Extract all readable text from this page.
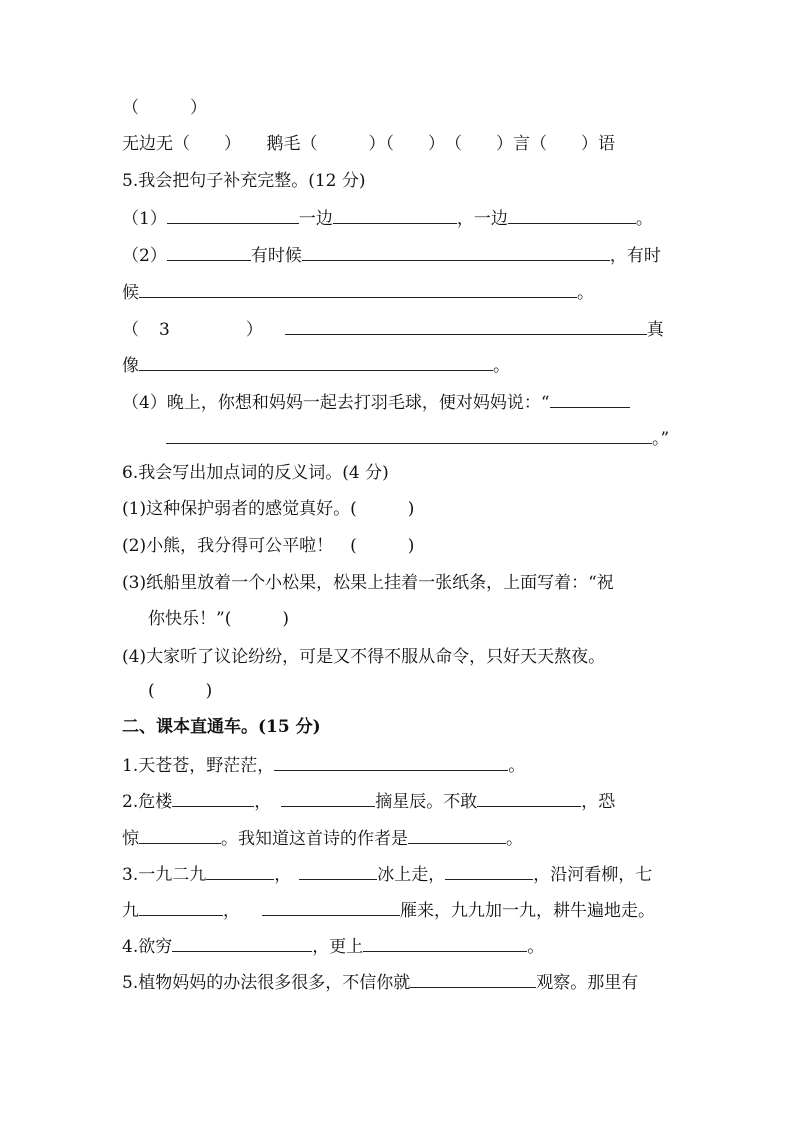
（　　　）
无边无（　　）　　鹅毛（　　　）（　　）　（　　）言（　　）语
5.我会把句子补充完整。(12 分)
（1）	一边	，一边	。
（2）	有时候	，有时
候	。
（ 3	）	真
像	。
（4）晚上，你想和妈妈一起去打羽毛球，便对妈妈说：“
。”
6.我会写出加点词的反义词。(4 分)
(1)这种保护弱者的感觉真好。(　　　)
(2)小熊，我分得可公平啦！　(　　　)
(3)纸船里放着一个小松果，松果上挂着一张纸条，上面写着：“祝
你快乐！”(　　　)
(4)大家听了议论纷纷，可是又不得不服从命令，只好天天熬夜。
(　　　)
二、课本直通车。(15 分)
1.天苍苍，野茫茫，	。
2.危楼	，	摘星辰。不敢	，恐
惊	。我知道这首诗的作者是	。
3.一九二九	，	冰上走，	，沿河看柳，七
九	，	雁来，九九加一九，耕牛遍地走。
4.欲穷	，更上	。
5.植物妈妈的办法很多很多，不信你就	观察。那里有
